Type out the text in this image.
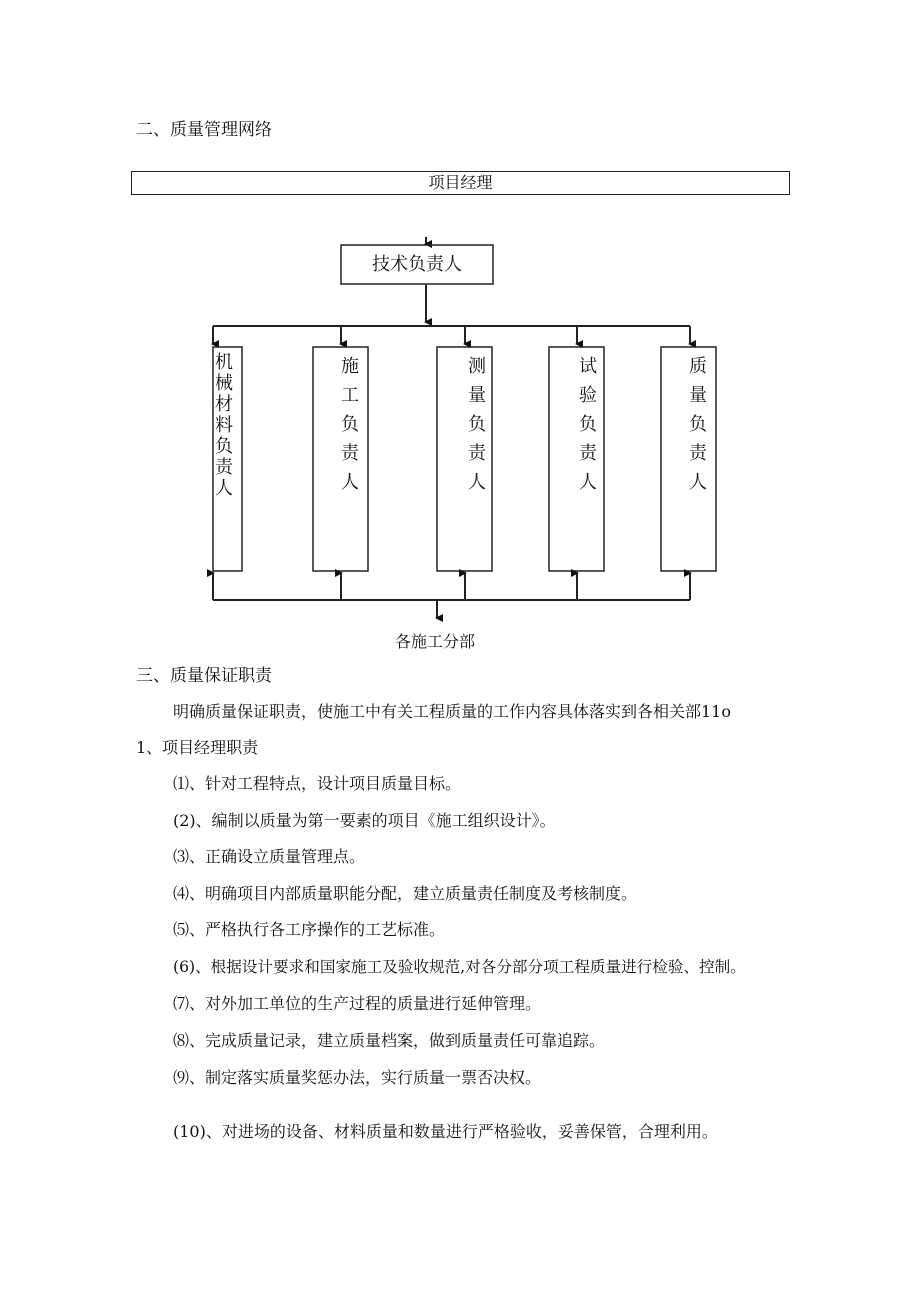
二、质量管理网络
项目经理
技术负责人
机械材料负责人
施工负责人
测量负责人
试验负责人
质量负责人
各施工分部
三、质量保证职责
明确质量保证职责，使施工中有关工程质量的工作内容具体落实到各相关部11o
1、项目经理职责
⑴、针对工程特点，设计项目质量目标。
(2)、编制以质量为第一要素的项目《施工组织设计》。
⑶、正确设立质量管理点。
⑷、明确项目内部质量职能分配，建立质量责任制度及考核制度。
⑸、严格执行各工序操作的工艺标准。
(6)、根据设计要求和国家施工及验收规范,对各分部分项工程质量进行检验、控制。
⑺、对外加工单位的生产过程的质量进行延伸管理。
⑻、完成质量记录，建立质量档案，做到质量责任可靠追踪。
⑼、制定落实质量奖惩办法，实行质量一票否决权。
(10)、对进场的设备、材料质量和数量进行严格验收，妥善保管，合理利用。
